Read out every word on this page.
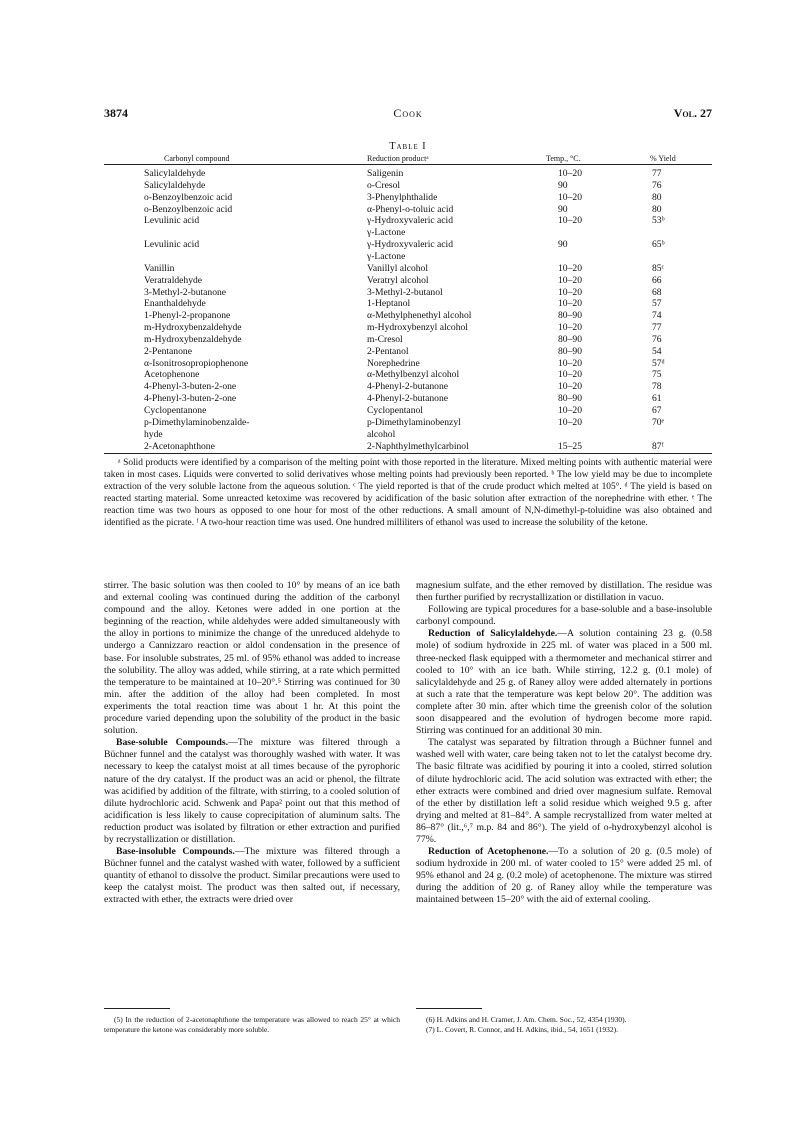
3874	Cook	Vol. 27
Table I
Carbonyl compound	Reduction productᵃ	Temp., °C.	% Yield
Salicylaldehyde	Saligenin	10–20	77
Salicylaldehyde	o-Cresol	90	76
o-Benzoylbenzoic acid	3-Phenylphthalide	10–20	80
o-Benzoylbenzoic acid	α-Phenyl-o-toluic acid	90	80
Levulinic acid	γ-Hydroxyvaleric acid	10–20	53ᵇ
γ-Lactone
Levulinic acid	γ-Hydroxyvaleric acid	90	65ᵇ
γ-Lactone
Vanillin	Vanillyl alcohol	10–20	85ᶜ
Veratraldehyde	Veratryl alcohol	10–20	66
3-Methyl-2-butanone	3-Methyl-2-butanol	10–20	68
Enanthaldehyde	1-Heptanol	10–20	57
1-Phenyl-2-propanone	α-Methylphenethyl alcohol	80–90	74
m-Hydroxybenzaldehyde	m-Hydroxybenzyl alcohol	10–20	77
m-Hydroxybenzaldehyde	m-Cresol	80–90	76
2-Pentanone	2-Pentanol	80–90	54
α-Isonitrosopropiophenone	Norephedrine	10–20	57ᵈ
Acetophenone	α-Methylbenzyl alcohol	10–20	75
4-Phenyl-3-buten-2-one	4-Phenyl-2-butanone	10–20	78
4-Phenyl-3-buten-2-one	4-Phenyl-2-butanone	80–90	61
Cyclopentanone	Cyclopentanol	10–20	67
p-Dimethylaminobenzalde-	p-Dimethylaminobenzyl	10–20	70ᵉ
hyde	alcohol
2-Acetonaphthone	2-Naphthylmethylcarbinol	15–25	87ᶠ
ᵃ Solid products were identified by a comparison of the melting point with those reported in the literature. Mixed melting points with authentic material were taken in most cases. Liquids were converted to solid derivatives whose melting points had previously been reported. ᵇ The low yield may be due to incomplete extraction of the very soluble lactone from the aqueous solution. ᶜ The yield reported is that of the crude product which melted at 105°. ᵈ The yield is based on reacted starting material. Some unreacted ketoxime was recovered by acidification of the basic solution after extraction of the norephedrine with ether. ᵉ The reaction time was two hours as opposed to one hour for most of the other reductions. A small amount of N,N-dimethyl-p-toluidine was also obtained and identified as the picrate. ᶠ A two-hour reaction time was used. One hundred milliliters of ethanol was used to increase the solubility of the ketone.

stirrer. The basic solution was then cooled to 10° by means of an ice bath and external cooling was continued during the addition of the carbonyl compound and the alloy. Ketones were added in one portion at the beginning of the reaction, while aldehydes were added simultaneously with the alloy in portions to minimize the change of the unreduced aldehyde to undergo a Cannizzaro reaction or aldol condensation in the presence of base. For insoluble substrates, 25 ml. of 95% ethanol was added to increase the solubility. The alloy was added, while stirring, at a rate which permitted the temperature to be maintained at 10–20°.⁵ Stirring was continued for 30 min. after the addition of the alloy had been completed. In most experiments the total reaction time was about 1 hr. At this point the procedure varied depending upon the solubility of the product in the basic solution.

Base-soluble Compounds.—The mixture was filtered through a Büchner funnel and the catalyst was thoroughly washed with water. It was necessary to keep the catalyst moist at all times because of the pyrophoric nature of the dry catalyst. If the product was an acid or phenol, the filtrate was acidified by addition of the filtrate, with stirring, to a cooled solution of dilute hydrochloric acid. Schwenk and Papa² point out that this method of acidification is less likely to cause coprecipitation of aluminum salts. The reduction product was isolated by filtration or ether extraction and purified by recrystallization or distillation.

Base-insoluble Compounds.—The mixture was filtered through a Büchner funnel and the catalyst washed with water, followed by a sufficient quantity of ethanol to dissolve the product. Similar precautions were used to keep the catalyst moist. The product was then salted out, if necessary, extracted with ether, the extracts were dried over

magnesium sulfate, and the ether removed by distillation. The residue was then further purified by recrystallization or distillation in vacuo.

Following are typical procedures for a base-soluble and a base-insoluble carbonyl compound.

Reduction of Salicylaldehyde.—A solution containing 23 g. (0.58 mole) of sodium hydroxide in 225 ml. of water was placed in a 500 ml. three-necked flask equipped with a thermometer and mechanical stirrer and cooled to 10° with an ice bath. While stirring, 12.2 g. (0.1 mole) of salicylaldehyde and 25 g. of Raney alloy were added alternately in portions at such a rate that the temperature was kept below 20°. The addition was complete after 30 min. after which time the greenish color of the solution soon disappeared and the evolution of hydrogen become more rapid. Stirring was continued for an additional 30 min.

The catalyst was separated by filtration through a Büchner funnel and washed well with water, care being taken not to let the catalyst become dry. The basic filtrate was acidified by pouring it into a cooled, stirred solution of dilute hydrochloric acid. The acid solution was extracted with ether; the ether extracts were combined and dried over magnesium sulfate. Removal of the ether by distillation left a solid residue which weighed 9.5 g. after drying and melted at 81–84°. A sample recrystallized from water melted at 86–87° (lit.,⁶,⁷ m.p. 84 and 86°). The yield of o-hydroxybenzyl alcohol is 77%.

Reduction of Acetophenone.—To a solution of 20 g. (0.5 mole) of sodium hydroxide in 200 ml. of water cooled to 15° were added 25 ml. of 95% ethanol and 24 g. (0.2 mole) of acetophenone. The mixture was stirred during the addition of 20 g. of Raney alloy while the temperature was maintained between 15–20° with the aid of external cooling.

(5) In the reduction of 2-acetonaphthone the temperature was allowed to reach 25° at which temperature the ketone was considerably more soluble.

(6) H. Adkins and H. Cramer, J. Am. Chem. Soc., 52, 4354 (1930).

(7) L. Covert, R. Connor, and H. Adkins, ibid., 54, 1651 (1932).
